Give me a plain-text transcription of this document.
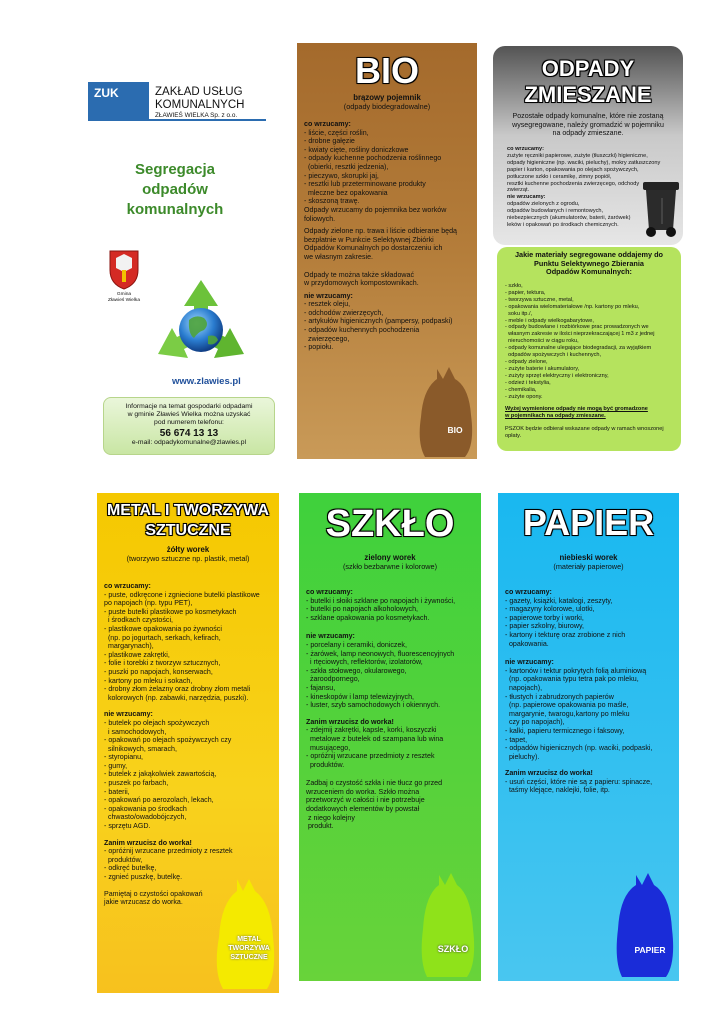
ZUK	ZAKŁAD USŁUG
KOMUNALNYCH
ZŁAWIEŚ WIELKA Sp. z o.o.
Segregacja
odpadów
komunalnych
Gmina
Zławieś Wielka
www.zlawies.pl
Informacje na temat gospodarki odpadami
w gminie Zławieś Wielka można uzyskać
pod numerem telefonu:
56 674 13 13
e-mail: odpadykomunalne@zlawies.pl
BIO
brązowy pojemnik
(odpady biodegradowalne)
co wrzucamy:
- liście, części roślin,
- drobne gałęzie
- kwiaty cięte, rośliny doniczkowe
- odpady kuchenne pochodzenia roślinnego
(obierki, resztki jedzenia),
- pieczywo, skorupki jaj,
- resztki lub przeterminowane produkty
mleczne bez opakowania
- skoszoną trawę.
Odpady wrzucamy do pojemnika bez worków
foliowych.
Odpady zielone np. trawa i liście odbierane będą
bezpłatnie w Punkcie Selektywnej Zbiórki
Odpadów Komunalnych po dostarczeniu ich
we własnym zakresie.
Odpady te można także składować
w przydomowych kompostownikach.
nie wrzucamy:
- resztek oleju,
- odchodów zwierzęcych,
- artykułów higienicznych (pampersy, podpaski)
- odpadów kuchennych pochodzenia
zwierzęcego,
- popiołu.
BIO
ODPADY
ZMIESZANE
Pozostałe odpady komunalne, które nie zostaną
wysegregowane, należy gromadzić w pojemniku
na odpady zmieszane.
co wrzucamy:
zużyte ręczniki papierowe, zużyte (tłuszczki) higieniczne,
odpady higieniczne (np. waciki, pieluchy), mokry zatłuszczony
papier i karton, opakowania po olejach spożywczych,
potłuczone szkło i ceramikę, zimny popiół,
resztki kuchenne pochodzenia zwierzęcego, odchody
zwierząt.
nie wrzucamy:
odpadów zielonych z ogrodu,
odpadów budowlanych i remontowych,
niebezpiecznych (akumulatorów, baterii, żarówek)
leków i opakowań po środkach chemicznych.
Jakie materiały segregowane oddajemy do
Punktu Selektywnego Zbierania
Odpadów Komunalnych:
- szkło,
- papier, tektura,
- tworzywa sztuczne, metal,
- opakowania wielomateriałowe /np. kartony po mleku,
soku itp./,
- meble i odpady wielkogabarytowe,
- odpady budowlane i rozbiórkowe prac prowadzonych we
własnym zakresie w ilości nieprzekraczającej 1 m3 z jednej
nieruchomości w ciągu roku,
- odpady komunalne ulegające biodegradacji, za wyjątkiem
odpadów spożywczych i kuchennych,
- odpady zielone,
- zużyte baterie i akumulatory,
- zużyty sprzęt elektryczny i elektroniczny,
- odzież i tekstylia,
- chemikalia,
- zużyte opony.
Wyżej wymienione odpady nie mogą być gromadzone
w pojemnikach na odpady zmieszane.
PSZOK będzie odbierał wskazane odpady w ramach wnoszonej
opłaty.
METAL I TWORZYWA
SZTUCZNE
żółty worek
(tworzywo sztuczne np. plastik, metal)
co wrzucamy:
- puste, odkręcone i zgniecione butelki plastikowe
po napojach (np. typu PET),
- puste butelki plastikowe po kosmetykach
i środkach czystości,
- plastikowe opakowania po żywności
(np. po jogurtach, serkach, kefirach,
margarynach),
- plastikowe zakrętki,
- folie i torebki z tworzyw sztucznych,
- puszki po napojach, konserwach,
- kartony po mleku i sokach,
- drobny złom żelazny oraz drobny złom metali
kolorowych (np. zabawki, narzędzia, puszki).
nie wrzucamy:
- butelek po olejach spożywczych
i samochodowych,
- opakowań po olejach spożywczych czy
silnikowych, smarach,
- styropianu,
- gumy,
- butelek z jakąkolwiek zawartością,
- puszek po farbach,
- baterii,
- opakowań po aerozolach, lekach,
- opakowania po środkach
chwasto/owadobójczych,
- sprzętu AGD.
Zanim wrzucisz do worka!
- opróżnij wrzucane przedmioty z resztek
produktów,
- odkręć butelkę,
- zgnieć puszkę, butelkę.
Pamiętaj o czystości opakowań
jakie wrzucasz do worka.
METAL
TWORZYWA
SZTUCZNE
SZKŁO
zielony worek
(szkło bezbarwne i kolorowe)
co wrzucamy:
- butelki i słoiki szklane po napojach i żywności,
- butelki po napojach alkoholowych,
- szklane opakowania po kosmetykach.
nie wrzucamy:
- porcelany i ceramiki, doniczek,
- żarówek, lamp neonowych, fluorescencyjnych
i rtęciowych, reflektorów, izolatorów,
- szkła stołowego, okularowego,
żaroodpornego,
- fajansu,
- kineskopów i lamp telewizyjnych,
- luster, szyb samochodowych i okiennych.
Zanim wrzucisz do worka!
- zdejmij zakrętki, kapsle, korki, koszyczki
metalowe z butelek od szampana lub wina
musującego,
- opróżnij wrzucane przedmioty z resztek
produktów.
Zadbaj o czystość szkła i nie tłucz go przed
wrzuceniem do worka. Szkło można
przetworzyć w całości i nie potrzebuje
dodatkowych elementów by powstał
z niego kolejny
produkt.
SZKŁO
PAPIER
niebieski worek
(materiały papierowe)
co wrzucamy:
- gazety, książki, katalogi, zeszyty,
- magazyny kolorowe, ulotki,
- papierowe torby i worki,
- papier szkolny, biurowy,
- kartony i tekturę oraz zrobione z nich
opakowania.
nie wrzucamy:
- kartonów i tektur pokrytych folią aluminiową
(np. opakowania typu tetra pak po mleku,
napojach),
- tłustych i zabrudzonych papierów
(np. papierowe opakowania po maśle,
margarynie, twarogu,kartony po mleku
czy po napojach),
- kalki, papieru termicznego i faksowy,
- tapet,
- odpadów higienicznych (np. waciki, podpaski,
pieluchy).
Zanim wrzucisz do worka!
- usuń części, które nie są z papieru: spinacze,
taśmy klejące, naklejki, folie, itp.
PAPIER
